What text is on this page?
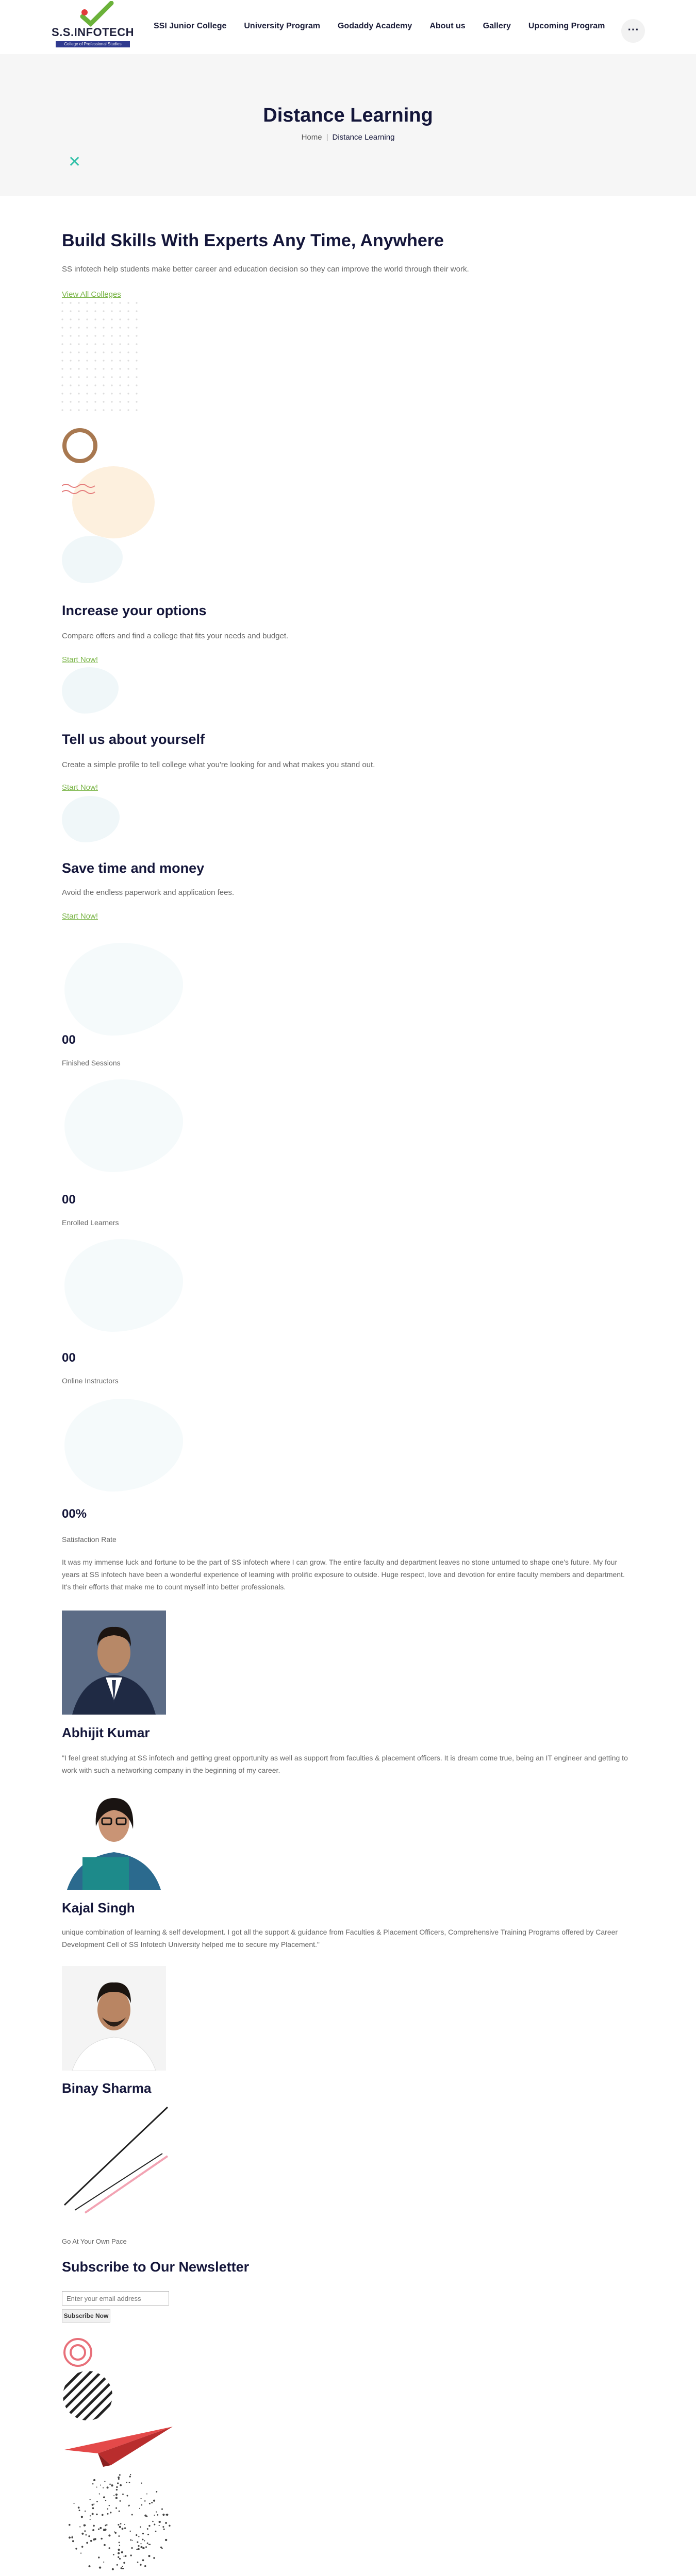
S.S.INFOTECH
College of Professional Studies
SSI Junior College University Program Godaddy Academy About us Gallery Upcoming Program	⋯
Distance Learning
Home | Distance Learning
✕
Build Skills With Experts Any Time, Anywhere

SS infotech help students make better career and education decision so they can improve the world through their work.

View All Colleges
Increase your options

Compare offers and find a college that fits your needs and budget.

Start Now!
Tell us about yourself

Create a simple profile to tell college what you're looking for and what makes you stand out.

Start Now!
Save time and money

Avoid the endless paperwork and application fees.

Start Now!
00
Finished Sessions
00
Enrolled Learners
00
Online Instructors
00%
Satisfaction Rate

It was my immense luck and fortune to be the part of SS infotech where I can grow. The entire faculty and department leaves no stone unturned to shape one's future. My four years at SS infotech have been a wonderful experience of learning with prolific exposure to outside. Huge respect, love and devotion for entire faculty members and department. It's their efforts that make me to count myself into better professionals.

Abhijit Kumar

"I feel great studying at SS infotech and getting great opportunity as well as support from faculties & placement officers. It is dream come true, being an IT engineer and getting to work with such a networking company in the beginning of my career.

Kajal Singh

unique combination of learning & self development. I got all the support & guidance from Faculties & Placement Officers, Comprehensive Training Programs offered by Career Development Cell of SS Infotech University helped me to secure my Placement."

Binay Sharma
Go At Your Own Pace
Subscribe to Our Newsletter
Enter your email address
Subscribe Now
